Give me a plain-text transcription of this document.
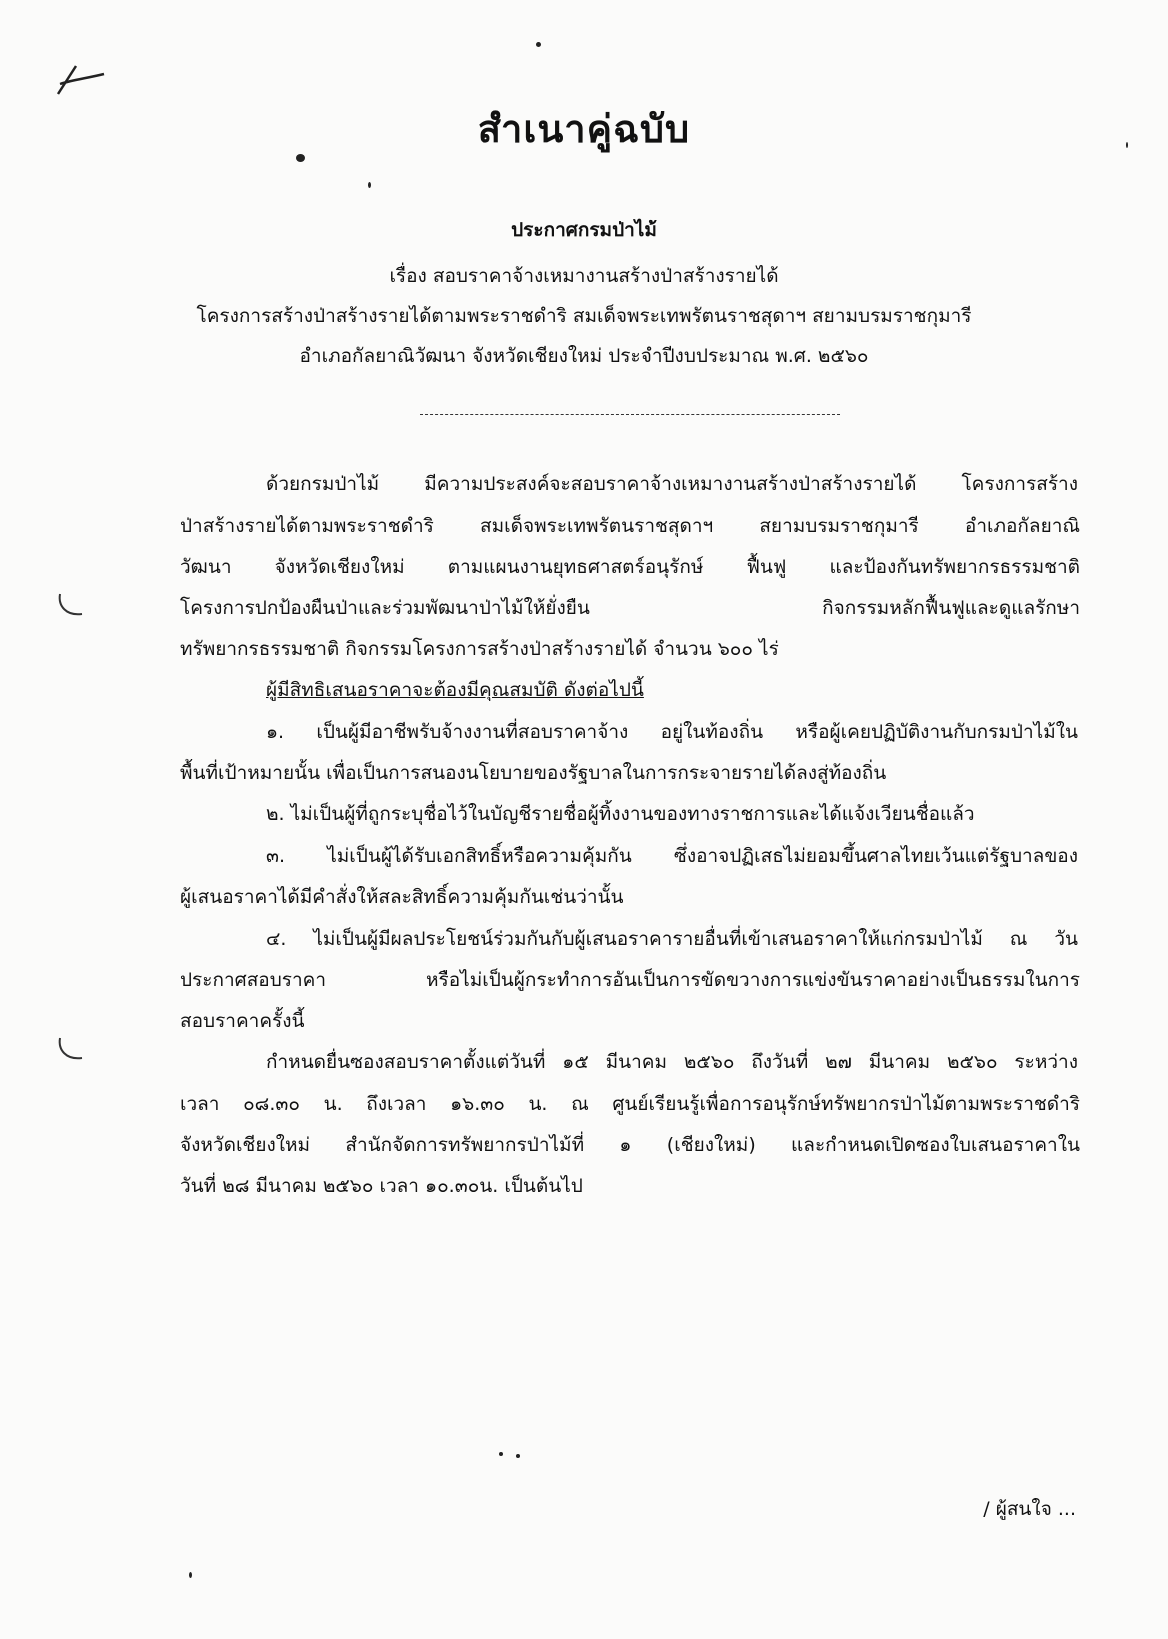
สำเนาคู่ฉบับ
ประกาศกรมป่าไม้
เรื่อง สอบราคาจ้างเหมางานสร้างป่าสร้างรายได้
โครงการสร้างป่าสร้างรายได้ตามพระราชดำริ สมเด็จพระเทพรัตนราชสุดาฯ สยามบรมราชกุมารี
อำเภอกัลยาณิวัฒนา จังหวัดเชียงใหม่ ประจำปีงบประมาณ พ.ศ. ๒๕๖๐
ด้วยกรมป่าไม้ มีความประสงค์จะสอบราคาจ้างเหมางานสร้างป่าสร้างรายได้ โครงการสร้าง
ป่าสร้างรายได้ตามพระราชดำริ สมเด็จพระเทพรัตนราชสุดาฯ สยามบรมราชกุมารี อำเภอกัลยาณิ
วัฒนา จังหวัดเชียงใหม่ ตามแผนงานยุทธศาสตร์อนุรักษ์ ฟื้นฟู และป้องกันทรัพยากรธรรมชาติ
โครงการปกป้องผืนป่าและร่วมพัฒนาป่าไม้ให้ยั่งยืน กิจกรรมหลักฟื้นฟูและดูแลรักษา
ทรัพยากรธรรมชาติ กิจกรรมโครงการสร้างป่าสร้างรายได้ จำนวน ๖๐๐ ไร่
ผู้มีสิทธิเสนอราคาจะต้องมีคุณสมบัติ ดังต่อไปนี้
๑. เป็นผู้มีอาชีพรับจ้างงานที่สอบราคาจ้าง อยู่ในท้องถิ่น หรือผู้เคยปฏิบัติงานกับกรมป่าไม้ใน
พื้นที่เป้าหมายนั้น เพื่อเป็นการสนองนโยบายของรัฐบาลในการกระจายรายได้ลงสู่ท้องถิ่น
๒. ไม่เป็นผู้ที่ถูกระบุชื่อไว้ในบัญชีรายชื่อผู้ทิ้งงานของทางราชการและได้แจ้งเวียนชื่อแล้ว
๓. ไม่เป็นผู้ได้รับเอกสิทธิ์หรือความคุ้มกัน ซึ่งอาจปฏิเสธไม่ยอมขึ้นศาลไทยเว้นแต่รัฐบาลของ
ผู้เสนอราคาได้มีคำสั่งให้สละสิทธิ์ความคุ้มกันเช่นว่านั้น
๔. ไม่เป็นผู้มีผลประโยชน์ร่วมกันกับผู้เสนอราคารายอื่นที่เข้าเสนอราคาให้แก่กรมป่าไม้ ณ วัน
ประกาศสอบราคา หรือไม่เป็นผู้กระทำการอันเป็นการขัดขวางการแข่งขันราคาอย่างเป็นธรรมในการ
สอบราคาครั้งนี้
กำหนดยื่นซองสอบราคาตั้งแต่วันที่ ๑๕ มีนาคม ๒๕๖๐ ถึงวันที่ ๒๗ มีนาคม ๒๕๖๐ ระหว่าง
เวลา ๐๘.๓๐ น. ถึงเวลา ๑๖.๓๐ น. ณ ศูนย์เรียนรู้เพื่อการอนุรักษ์ทรัพยากรป่าไม้ตามพระราชดำริ
จังหวัดเชียงใหม่ สำนักจัดการทรัพยากรป่าไม้ที่ ๑ (เชียงใหม่) และกำหนดเปิดซองใบเสนอราคาใน
วันที่ ๒๘ มีนาคม ๒๕๖๐ เวลา ๑๐.๓๐น. เป็นต้นไป
/ ผู้สนใจ ...
